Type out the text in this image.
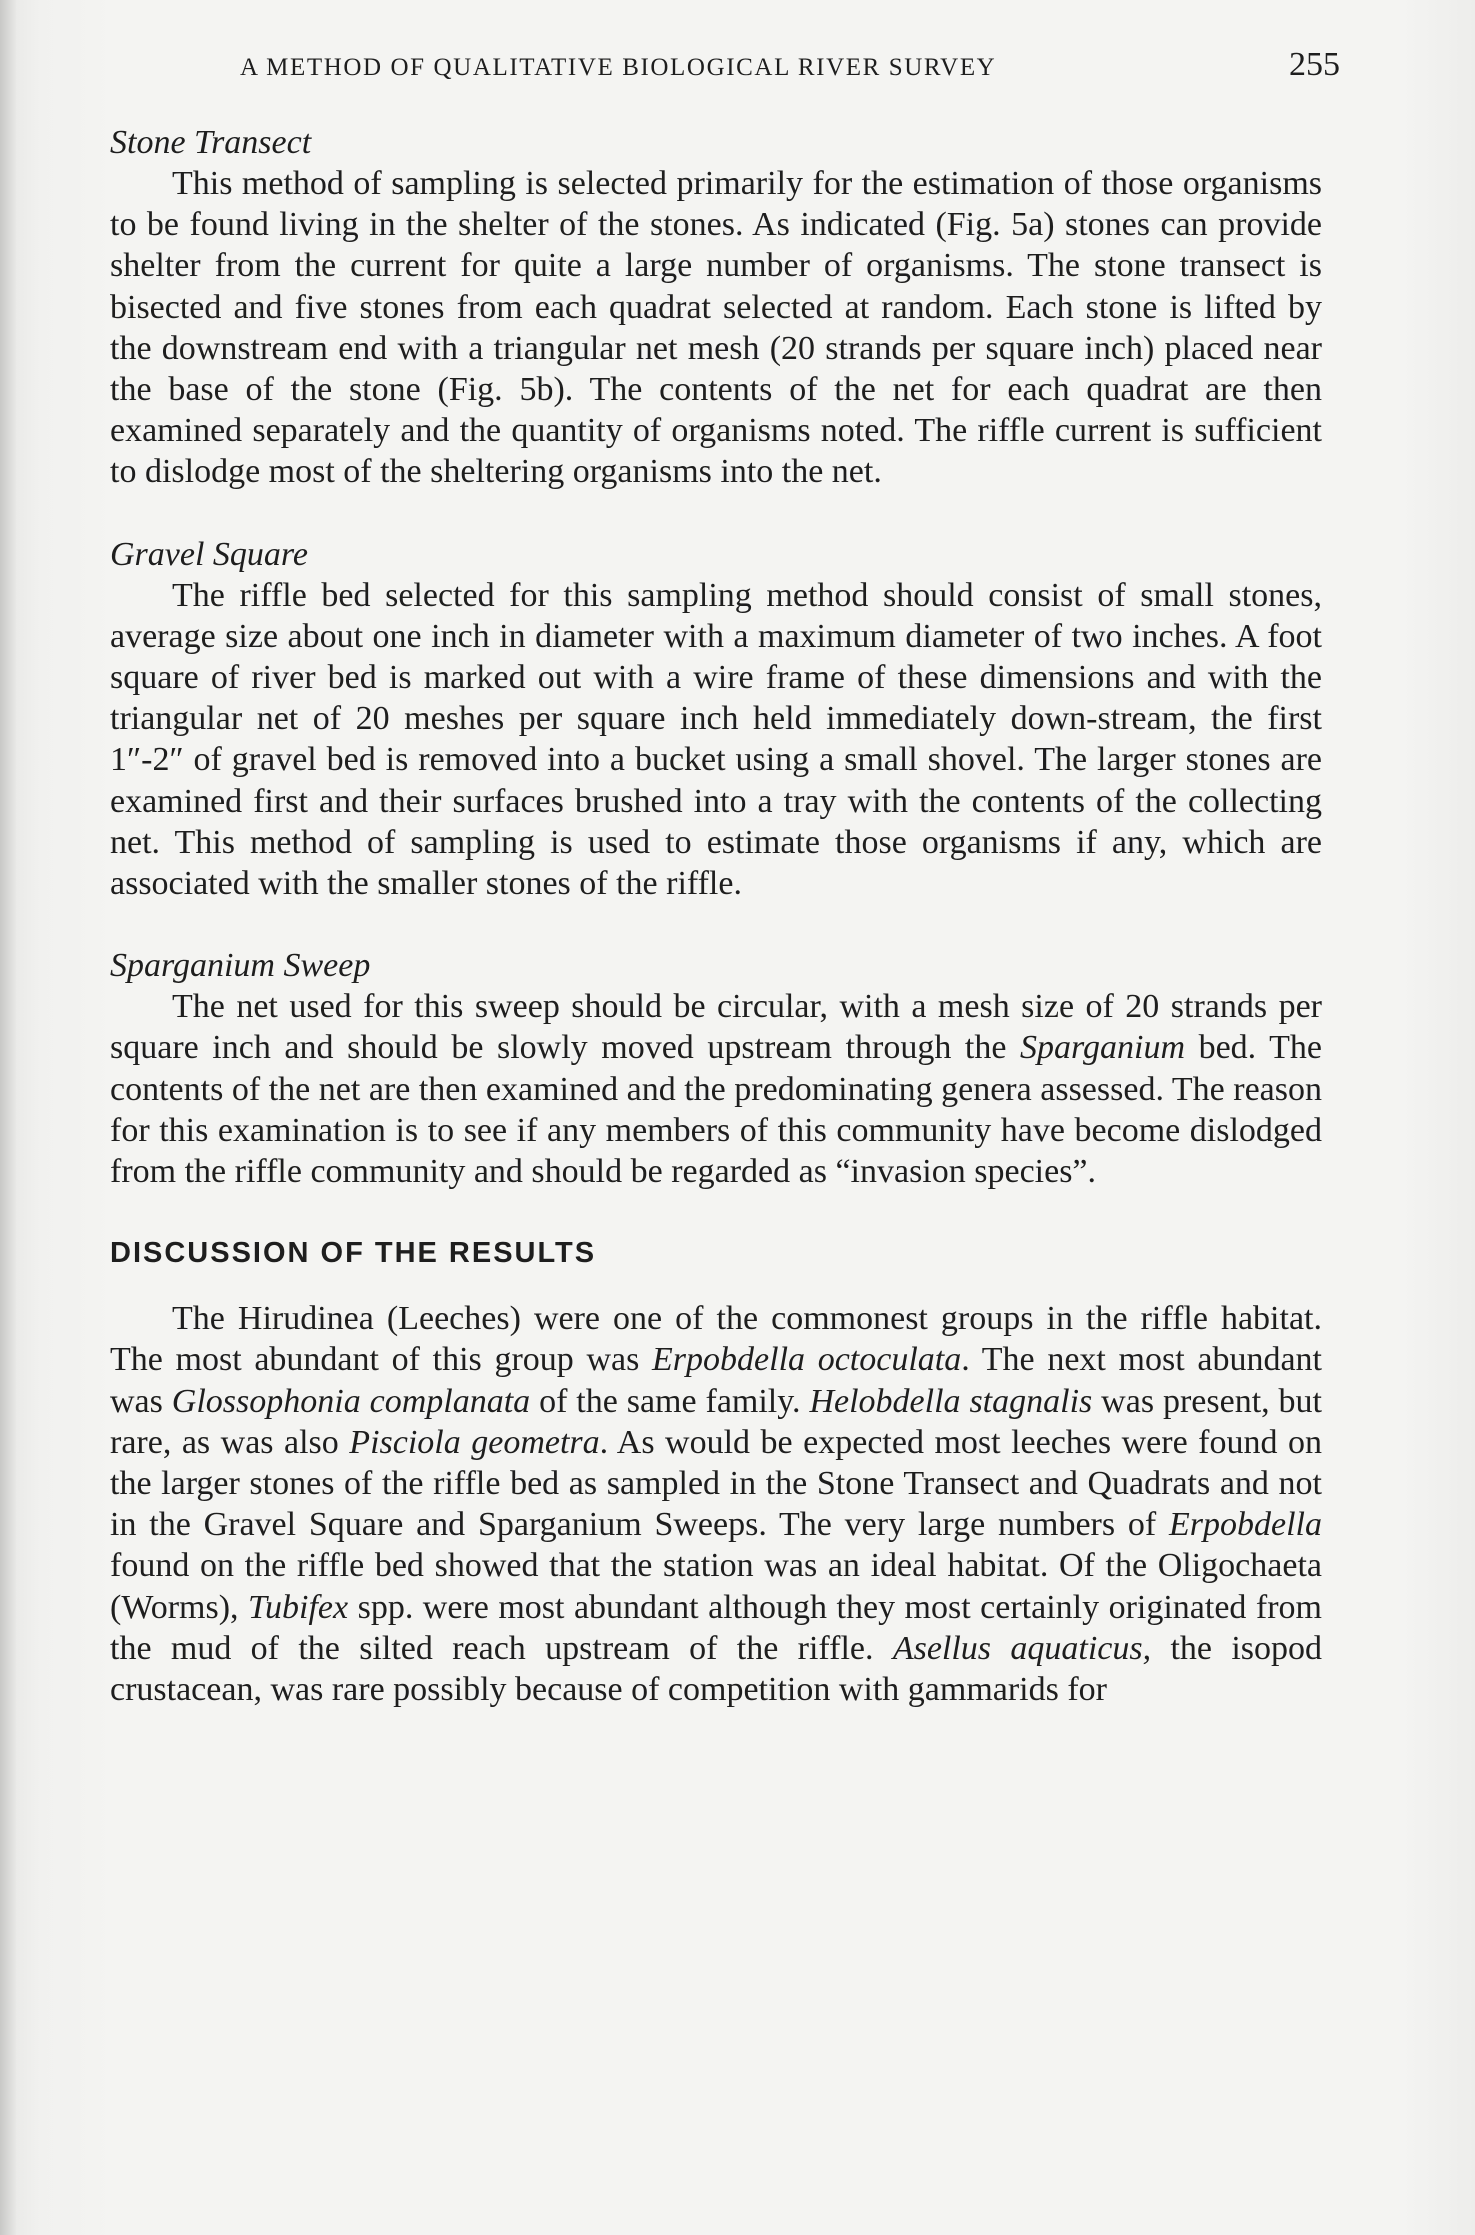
A METHOD OF QUALITATIVE BIOLOGICAL RIVER SURVEY	255

Stone Transect

This method of sampling is selected primarily for the estimation of those organisms to be found living in the shelter of the stones. As indicated (Fig. 5a) stones can provide shelter from the current for quite a large number of organisms. The stone transect is bisected and five stones from each quadrat selected at random. Each stone is lifted by the downstream end with a triangular net mesh (20 strands per square inch) placed near the base of the stone (Fig. 5b). The contents of the net for each quadrat are then examined separately and the quantity of organisms noted. The riffle current is sufficient to dislodge most of the sheltering organisms into the net.

Gravel Square

The riffle bed selected for this sampling method should consist of small stones, average size about one inch in diameter with a maximum diameter of two inches. A foot square of river bed is marked out with a wire frame of these dimensions and with the triangular net of 20 meshes per square inch held immediately down-stream, the first 1″-2″ of gravel bed is removed into a bucket using a small shovel. The larger stones are examined first and their surfaces brushed into a tray with the contents of the collecting net. This method of sampling is used to estimate those organisms if any, which are associated with the smaller stones of the riffle.

Sparganium Sweep

The net used for this sweep should be circular, with a mesh size of 20 strands per square inch and should be slowly moved upstream through the Sparganium bed. The contents of the net are then examined and the predominating genera assessed. The reason for this examination is to see if any members of this community have become dislodged from the riffle community and should be regarded as “invasion species”.

DISCUSSION OF THE RESULTS

The Hirudinea (Leeches) were one of the commonest groups in the riffle habitat. The most abundant of this group was Erpobdella octoculata. The next most abundant was Glossophonia complanata of the same family. Helobdella stagnalis was present, but rare, as was also Pisciola geometra. As would be expected most leeches were found on the larger stones of the riffle bed as sampled in the Stone Transect and Quadrats and not in the Gravel Square and Sparganium Sweeps. The very large numbers of Erpobdella found on the riffle bed showed that the station was an ideal habitat. Of the Oligochaeta (Worms), Tubifex spp. were most abundant although they most certainly originated from the mud of the silted reach upstream of the riffle. Asellus aquaticus, the isopod crustacean, was rare possibly because of competition with gammarids for
